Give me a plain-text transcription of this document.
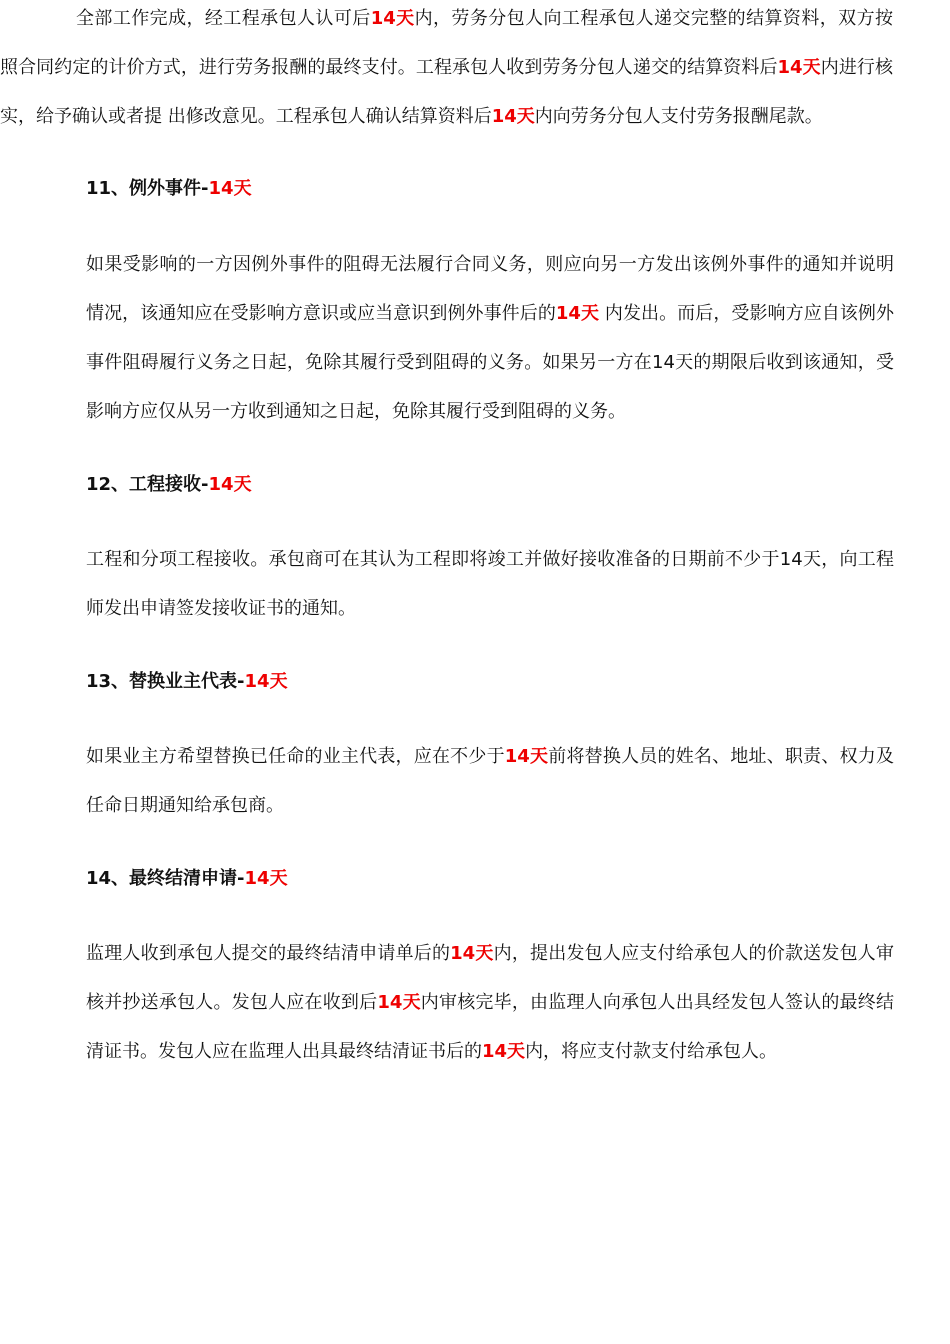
全部工作完成，经工程承包人认可后14天内，劳务分包人向工程承包人递交完整的结算资料，双方按照合同约定的计价方式，进行劳务报酬的最终支付。工程承包人收到劳务分包人递交的结算资料后14天内进行核实，给予确认或者提 出修改意见。工程承包人确认结算资料后14天内向劳务分包人支付劳务报酬尾款。

11、例外事件-14天

如果受影响的一方因例外事件的阻碍无法履行合同义务，则应向另一方发出该例外事件的通知并说明情况，该通知应在受影响方意识或应当意识到例外事件后的14天 内发出。而后，受影响方应自该例外事件阻碍履行义务之日起，免除其履行受到阻碍的义务。如果另一方在14天的期限后收到该通知，受影响方应仅从另一方收到通知之日起，免除其履行受到阻碍的义务。

12、工程接收-14天

工程和分项工程接收。承包商可在其认为工程即将竣工并做好接收准备的日期前不少于14天，向工程师发出申请签发接收证书的通知。

13、替换业主代表-14天

如果业主方希望替换已任命的业主代表，应在不少于14天前将替换人员的姓名、地址、职责、权力及任命日期通知给承包商。

14、最终结清申请-14天

监理人收到承包人提交的最终结清申请单后的14天内，提出发包人应支付给承包人的价款送发包人审核并抄送承包人。发包人应在收到后14天内审核完毕，由监理人向承包人出具经发包人签认的最终结清证书。发包人应在监理人出具最终结清证书后的14天内，将应支付款支付给承包人。
